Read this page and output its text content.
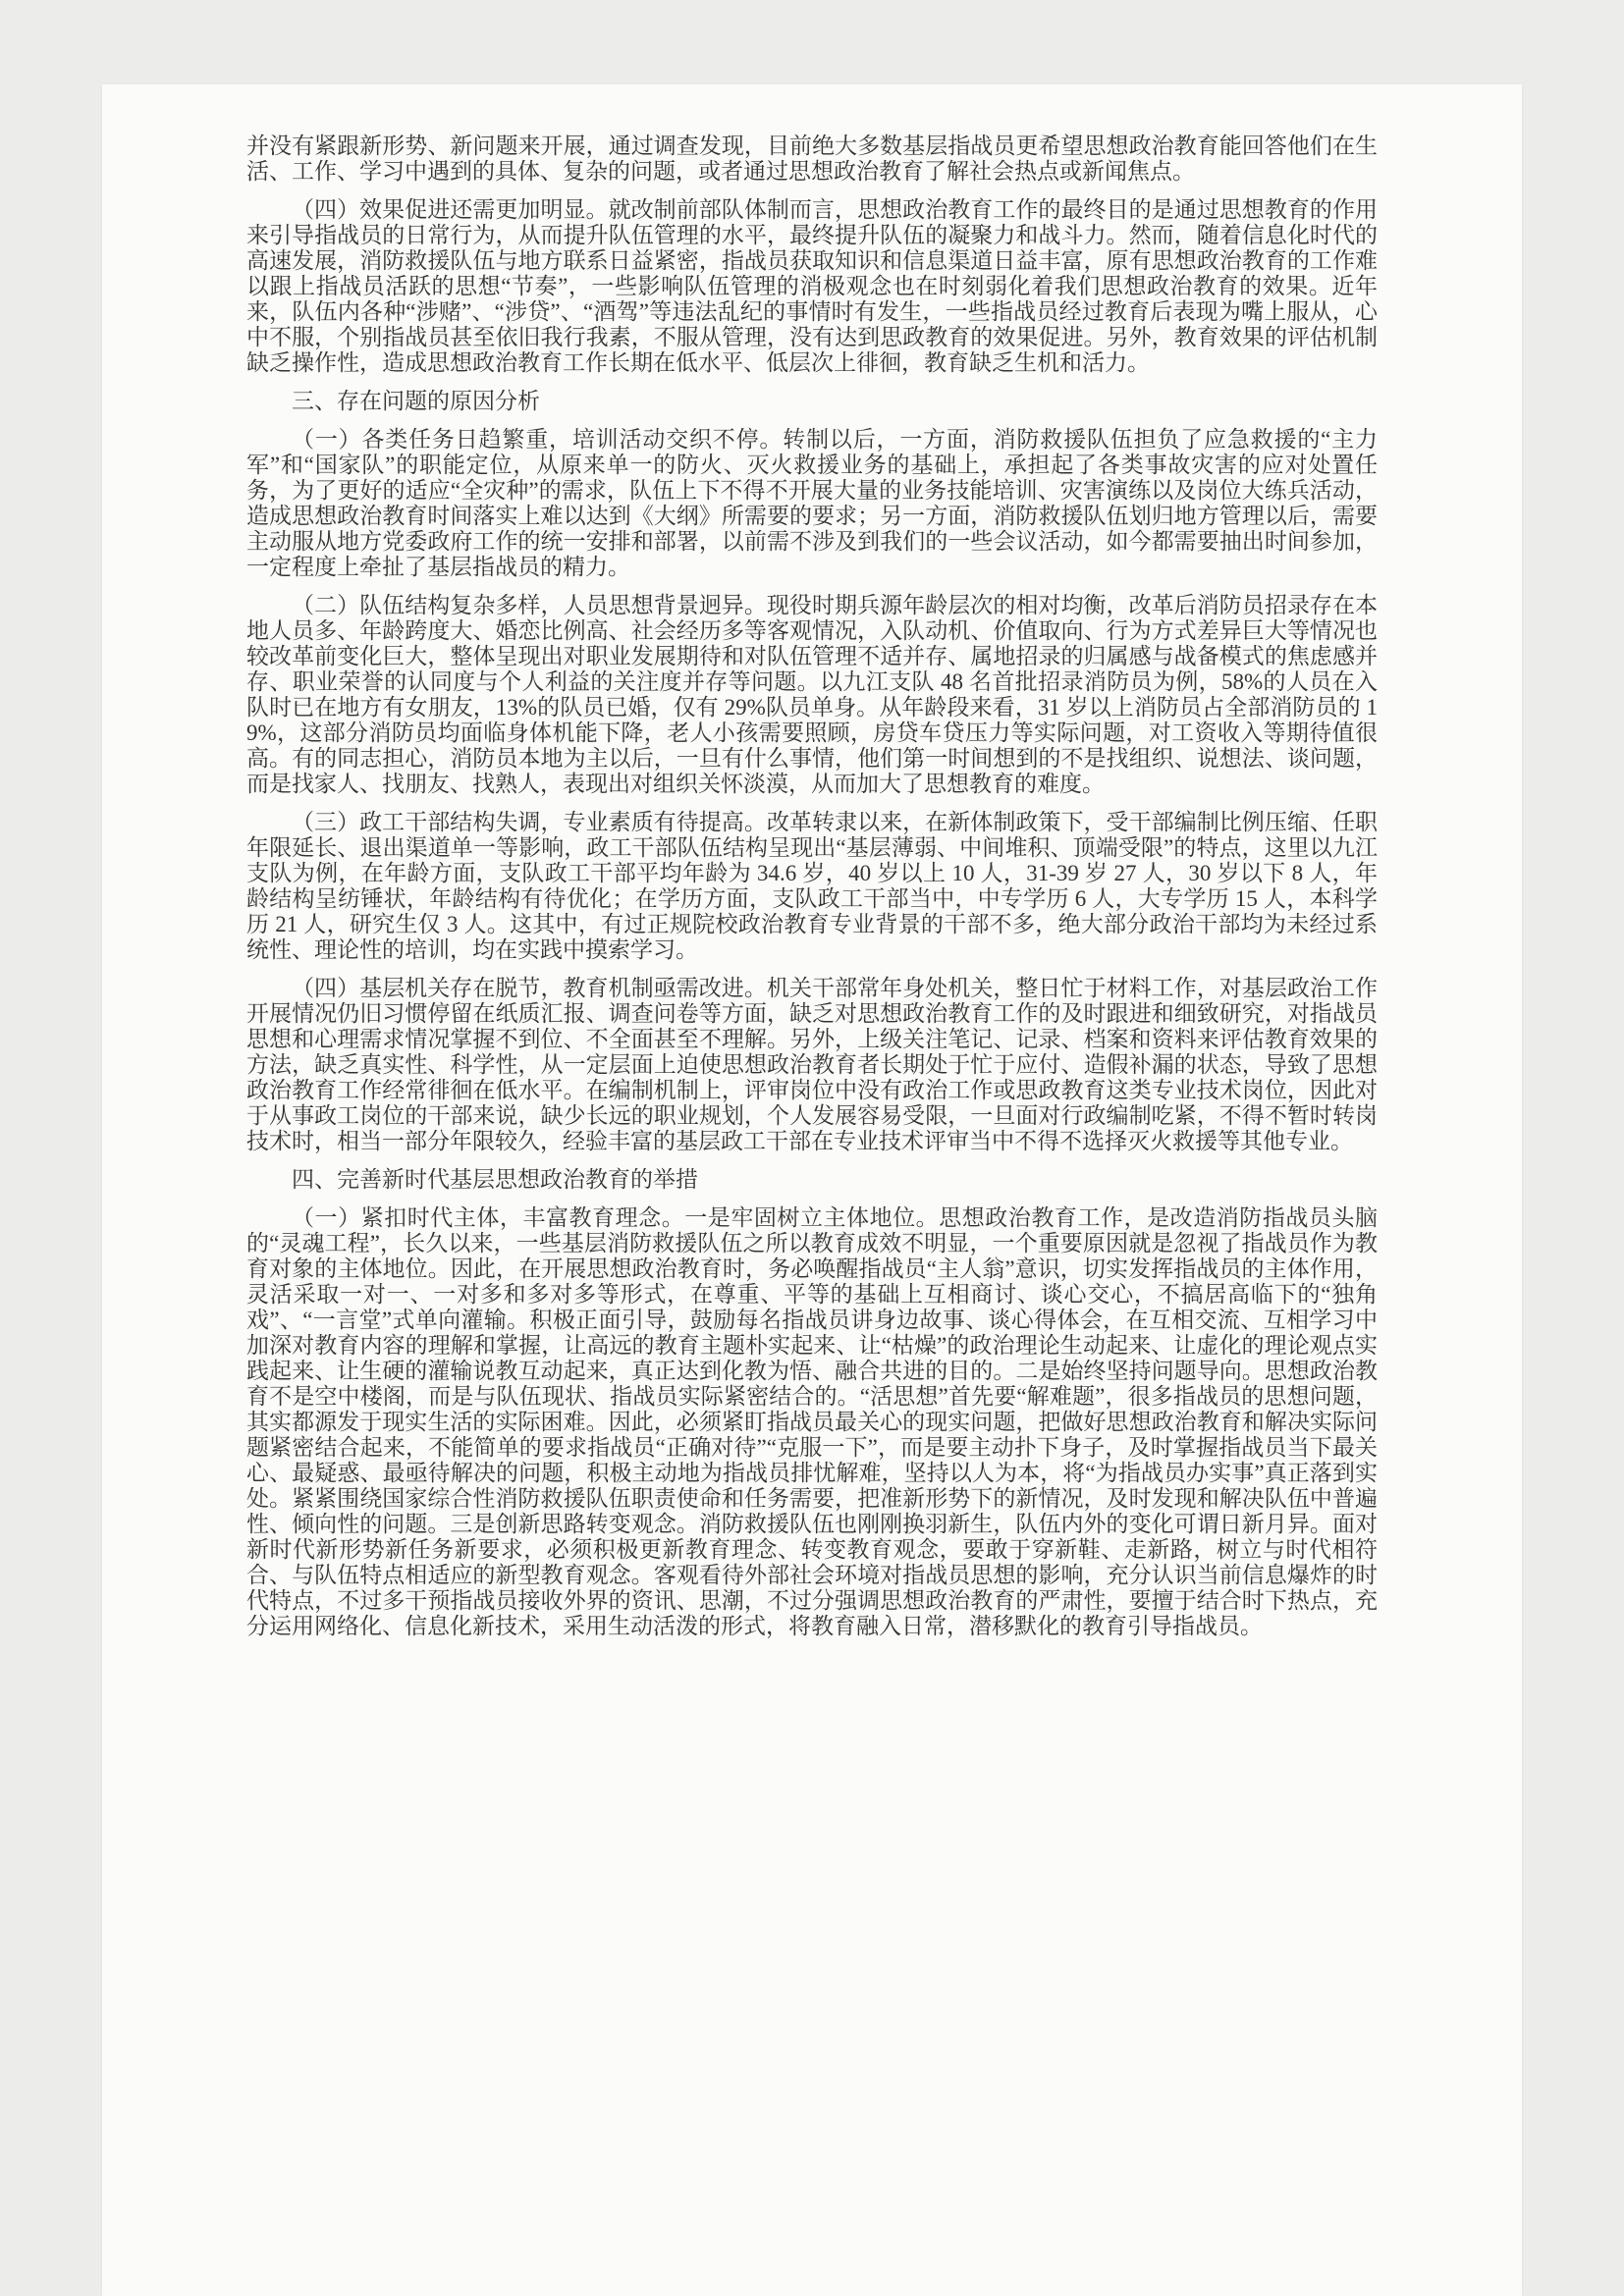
并没有紧跟新形势、新问题来开展，通过调查发现，目前绝大多数基层指战员更希望思想政治教育能回答他们在生活、工作、学习中遇到的具体、复杂的问题，或者通过思想政治教育了解社会热点或新闻焦点。

（四）效果促进还需更加明显。就改制前部队体制而言，思想政治教育工作的最终目的是通过思想教育的作用来引导指战员的日常行为，从而提升队伍管理的水平，最终提升队伍的凝聚力和战斗力。然而，随着信息化时代的高速发展，消防救援队伍与地方联系日益紧密，指战员获取知识和信息渠道日益丰富，原有思想政治教育的工作难以跟上指战员活跃的思想“节奏”，一些影响队伍管理的消极观念也在时刻弱化着我们思想政治教育的效果。近年来，队伍内各种“涉赌”、“涉贷”、“酒驾”等违法乱纪的事情时有发生，一些指战员经过教育后表现为嘴上服从，心中不服，个别指战员甚至依旧我行我素，不服从管理，没有达到思政教育的效果促进。另外，教育效果的评估机制缺乏操作性，造成思想政治教育工作长期在低水平、低层次上徘徊，教育缺乏生机和活力。

三、存在问题的原因分析

（一）各类任务日趋繁重，培训活动交织不停。转制以后，一方面，消防救援队伍担负了应急救援的“主力军”和“国家队”的职能定位，从原来单一的防火、灭火救援业务的基础上，承担起了各类事故灾害的应对处置任务，为了更好的适应“全灾种”的需求，队伍上下不得不开展大量的业务技能培训、灾害演练以及岗位大练兵活动，造成思想政治教育时间落实上难以达到《大纲》所需要的要求；另一方面，消防救援队伍划归地方管理以后，需要主动服从地方党委政府工作的统一安排和部署，以前需不涉及到我们的一些会议活动，如今都需要抽出时间参加，一定程度上牵扯了基层指战员的精力。

（二）队伍结构复杂多样，人员思想背景迥异。现役时期兵源年龄层次的相对均衡，改革后消防员招录存在本地人员多、年龄跨度大、婚恋比例高、社会经历多等客观情况，入队动机、价值取向、行为方式差异巨大等情况也较改革前变化巨大，整体呈现出对职业发展期待和对队伍管理不适并存、属地招录的归属感与战备模式的焦虑感并存、职业荣誉的认同度与个人利益的关注度并存等问题。以九江支队 48 名首批招录消防员为例，58%的人员在入队时已在地方有女朋友，13%的队员已婚，仅有 29%队员单身。从年龄段来看，31 岁以上消防员占全部消防员的 19%，这部分消防员均面临身体机能下降，老人小孩需要照顾，房贷车贷压力等实际问题，对工资收入等期待值很高。有的同志担心，消防员本地为主以后，一旦有什么事情，他们第一时间想到的不是找组织、说想法、谈问题，而是找家人、找朋友、找熟人，表现出对组织关怀淡漠，从而加大了思想教育的难度。

（三）政工干部结构失调，专业素质有待提高。改革转隶以来，在新体制政策下，受干部编制比例压缩、任职年限延长、退出渠道单一等影响，政工干部队伍结构呈现出“基层薄弱、中间堆积、顶端受限”的特点，这里以九江支队为例，在年龄方面，支队政工干部平均年龄为 34.6 岁，40 岁以上 10 人，31-39 岁 27 人，30 岁以下 8 人，年龄结构呈纺锤状，年龄结构有待优化；在学历方面，支队政工干部当中，中专学历 6 人，大专学历 15 人，本科学历 21 人，研究生仅 3 人。这其中，有过正规院校政治教育专业背景的干部不多，绝大部分政治干部均为未经过系统性、理论性的培训，均在实践中摸索学习。

（四）基层机关存在脱节，教育机制亟需改进。机关干部常年身处机关，整日忙于材料工作，对基层政治工作开展情况仍旧习惯停留在纸质汇报、调查问卷等方面，缺乏对思想政治教育工作的及时跟进和细致研究，对指战员思想和心理需求情况掌握不到位、不全面甚至不理解。另外，上级关注笔记、记录、档案和资料来评估教育效果的方法，缺乏真实性、科学性，从一定层面上迫使思想政治教育者长期处于忙于应付、造假补漏的状态，导致了思想政治教育工作经常徘徊在低水平。在编制机制上，评审岗位中没有政治工作或思政教育这类专业技术岗位，因此对于从事政工岗位的干部来说，缺少长远的职业规划，个人发展容易受限，一旦面对行政编制吃紧，不得不暂时转岗技术时，相当一部分年限较久，经验丰富的基层政工干部在专业技术评审当中不得不选择灭火救援等其他专业。

四、完善新时代基层思想政治教育的举措

（一）紧扣时代主体，丰富教育理念。一是牢固树立主体地位。思想政治教育工作，是改造消防指战员头脑的“灵魂工程”，长久以来，一些基层消防救援队伍之所以教育成效不明显，一个重要原因就是忽视了指战员作为教育对象的主体地位。因此，在开展思想政治教育时，务必唤醒指战员“主人翁”意识，切实发挥指战员的主体作用，灵活采取一对一、一对多和多对多等形式，在尊重、平等的基础上互相商讨、谈心交心，不搞居高临下的“独角戏”、“一言堂”式单向灌输。积极正面引导，鼓励每名指战员讲身边故事、谈心得体会，在互相交流、互相学习中加深对教育内容的理解和掌握，让高远的教育主题朴实起来、让“枯燥”的政治理论生动起来、让虚化的理论观点实践起来、让生硬的灌输说教互动起来，真正达到化教为悟、融合共进的目的。二是始终坚持问题导向。思想政治教育不是空中楼阁，而是与队伍现状、指战员实际紧密结合的。“活思想”首先要“解难题”，很多指战员的思想问题，其实都源发于现实生活的实际困难。因此，必须紧盯指战员最关心的现实问题，把做好思想政治教育和解决实际问题紧密结合起来，不能简单的要求指战员“正确对待”“克服一下”，而是要主动扑下身子，及时掌握指战员当下最关心、最疑惑、最亟待解决的问题，积极主动地为指战员排忧解难，坚持以人为本，将“为指战员办实事”真正落到实处。紧紧围绕国家综合性消防救援队伍职责使命和任务需要，把准新形势下的新情况，及时发现和解决队伍中普遍性、倾向性的问题。三是创新思路转变观念。消防救援队伍也刚刚换羽新生，队伍内外的变化可谓日新月异。面对新时代新形势新任务新要求，必须积极更新教育理念、转变教育观念，要敢于穿新鞋、走新路，树立与时代相符合、与队伍特点相适应的新型教育观念。客观看待外部社会环境对指战员思想的影响，充分认识当前信息爆炸的时代特点，不过多干预指战员接收外界的资讯、思潮，不过分强调思想政治教育的严肃性，要擅于结合时下热点，充分运用网络化、信息化新技术，采用生动活泼的形式，将教育融入日常，潜移默化的教育引导指战员。
